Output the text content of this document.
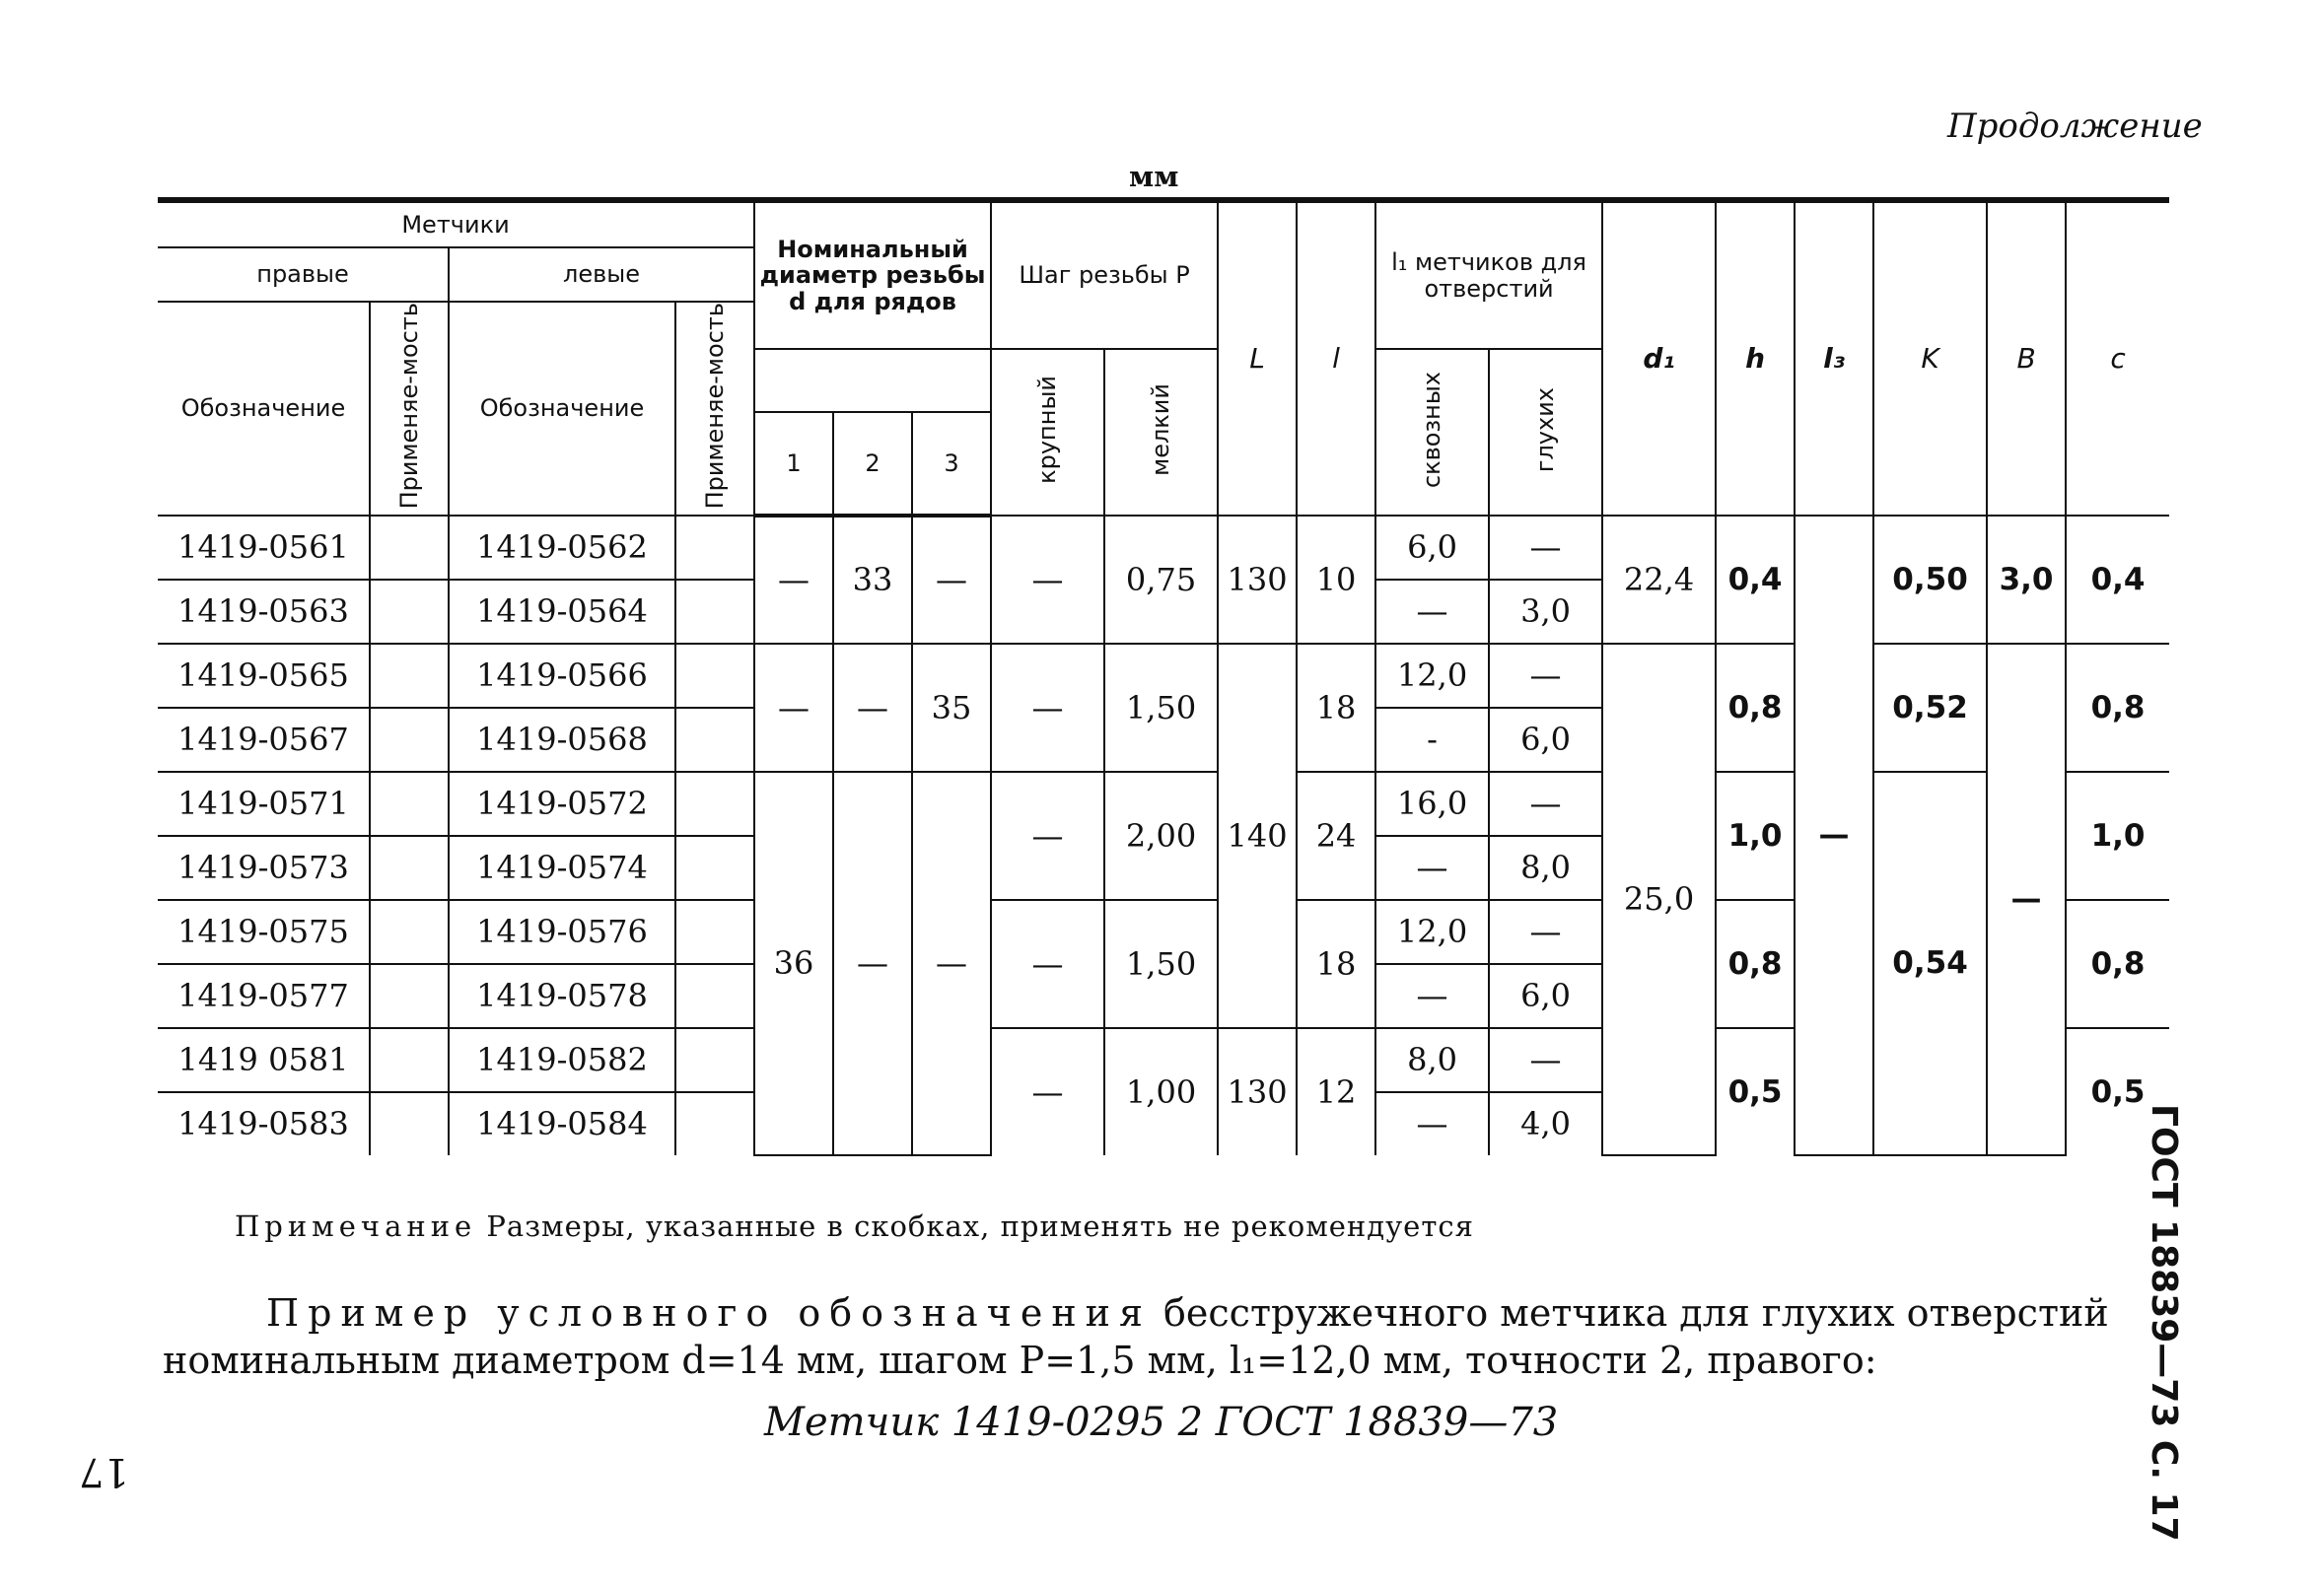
Продолжение
мм
Метчики				Номинальный диаметр резьбы d для рядов			Шаг резьбы P		L	l	l₁ метчиков для отверстий		d₁	h	l₃	K	B	c
правые		левые																
Обозначение	Применяе-мость	Обозначение	Применяе-мость															
							крупный	мелкий			сквозных	глухих						
				1	2	3												
1419-0561		1419-0562		—	33	—	—	0,75	130	10	6,0	—	22,4	0,4	—	0,50	3,0	0,4
1419-0563		1419-0564									—	3,0						
1419-0565		1419-0566		—	—	35	—	1,50	140	18	12,0	—	25,0	0,8		0,52	—	0,8
1419-0567		1419-0568									-	6,0						
1419-0571		1419-0572		36	—	—	—	2,00		24	16,0	—		1,0		0,54		1,0
1419-0573		1419-0574									—	8,0						
1419-0575		1419-0576					—	1,50		18	12,0	—		0,8				0,8
1419-0577		1419-0578									—	6,0						
1419 0581		1419-0582					—	1,00	130	12	8,0	—		0,5				0,5
1419-0583		1419-0584									—	4,0						
Примечание Размеры, указанные в скобках, применять не рекомендуется
Пример условного обозначения бесстружечного метчика для глухих отверстий
номинальным диаметром d=14 мм, шагом P=1,5 мм, l₁=12,0 мм, точности 2, правого:
Метчик 1419-0295 2 ГОСТ 18839—73	ГОСТ 18839—73 С. 17
17
